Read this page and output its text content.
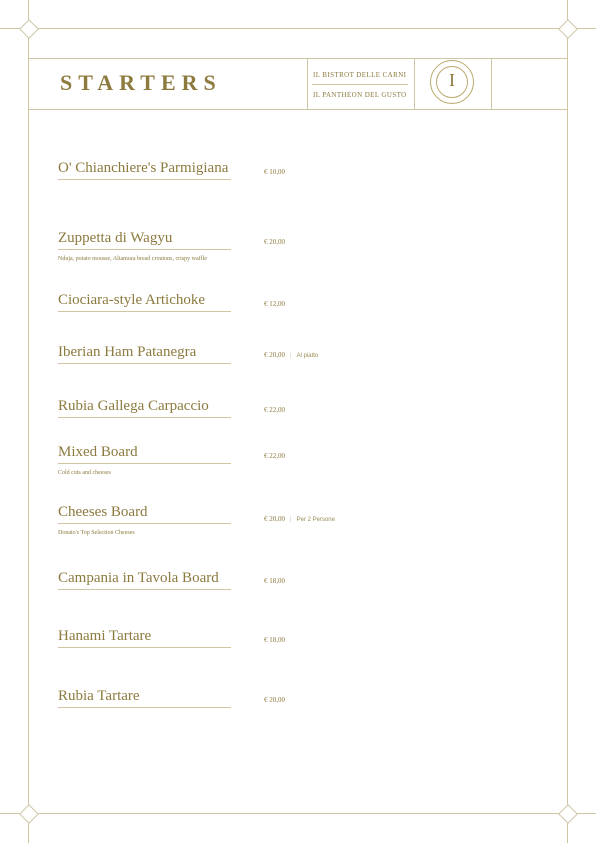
STARTERS	IL BISTROT DELLE CARNI
IL PANTHEON DEL GUSTO
I
O' Chianchiere's Parmigiana	€ 10,00
Zuppetta di Wagyu
Nduja, potato mousse, Altamura bread croutons, crispy waffle
€ 20,00
Ciociara-style Artichoke	€ 12,00
Iberian Ham Patanegra	€ 20,00 | Al piatto
Rubia Gallega Carpaccio	€ 22,00
Mixed Board
Cold cuts and cheeses
€ 22,00
Cheeses Board
Donato's Top Selection Cheeses
€ 20,00 | Per 2 Persone
Campania in Tavola Board	€ 18,00
Hanami Tartare	€ 18,00
Rubia Tartare	€ 20,00
